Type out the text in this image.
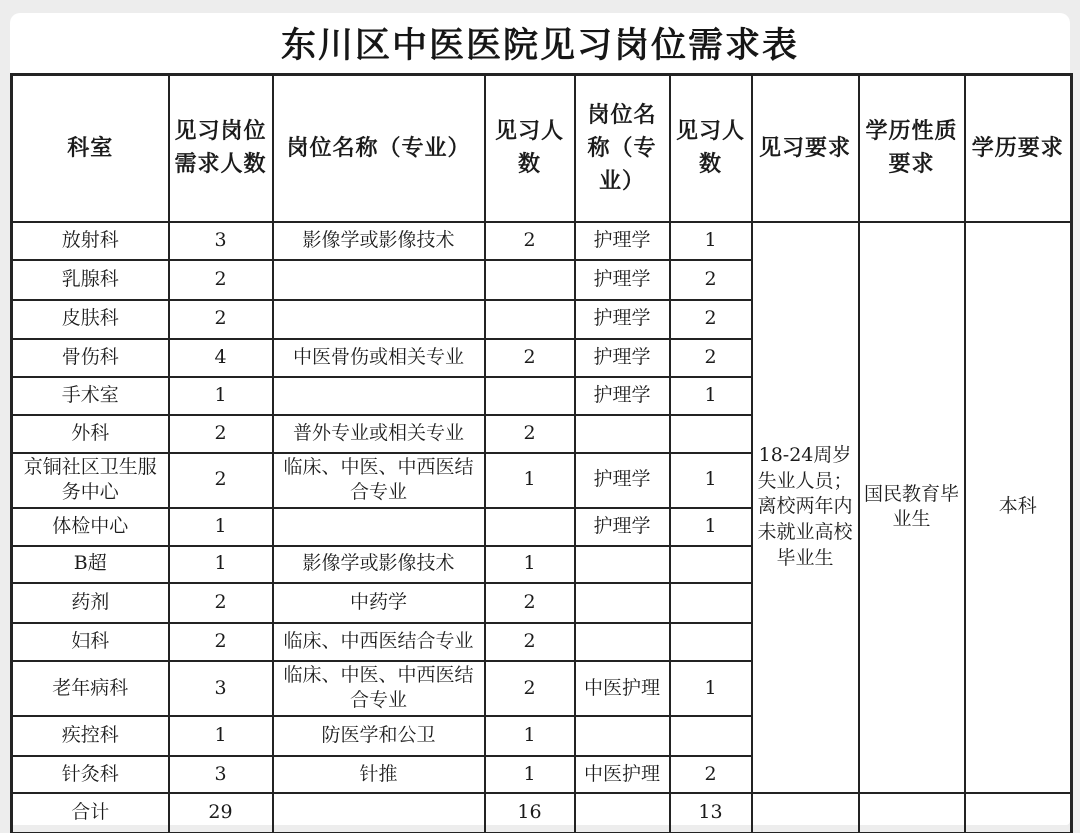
东川区中医医院见习岗位需求表
科室	见习岗位需求人数	岗位名称（专业）	见习人数	岗位名称（专业）	见习人数	见习要求	学历性质要求	学历要求
放射科	3	影像学或影像技术	2	护理学	1	18-24周岁失业人员；离校两年内未就业高校毕业生	国民教育毕业生	本科
乳腺科	2			护理学	2			
皮肤科	2			护理学	2			
骨伤科	4	中医骨伤或相关专业	2	护理学	2			
手术室	1			护理学	1			
外科	2	普外专业或相关专业	2					
京铜社区卫生服务中心	2	临床、中医、中西医结合专业	1	护理学	1			
体检中心	1			护理学	1			
B超	1	影像学或影像技术	1					
药剂	2	中药学	2					
妇科	2	临床、中西医结合专业	2					
老年病科	3	临床、中医、中西医结合专业	2	中医护理	1			
疾控科	1	防医学和公卫	1					
针灸科	3	针推	1	中医护理	2			
合计	29		16		13			
